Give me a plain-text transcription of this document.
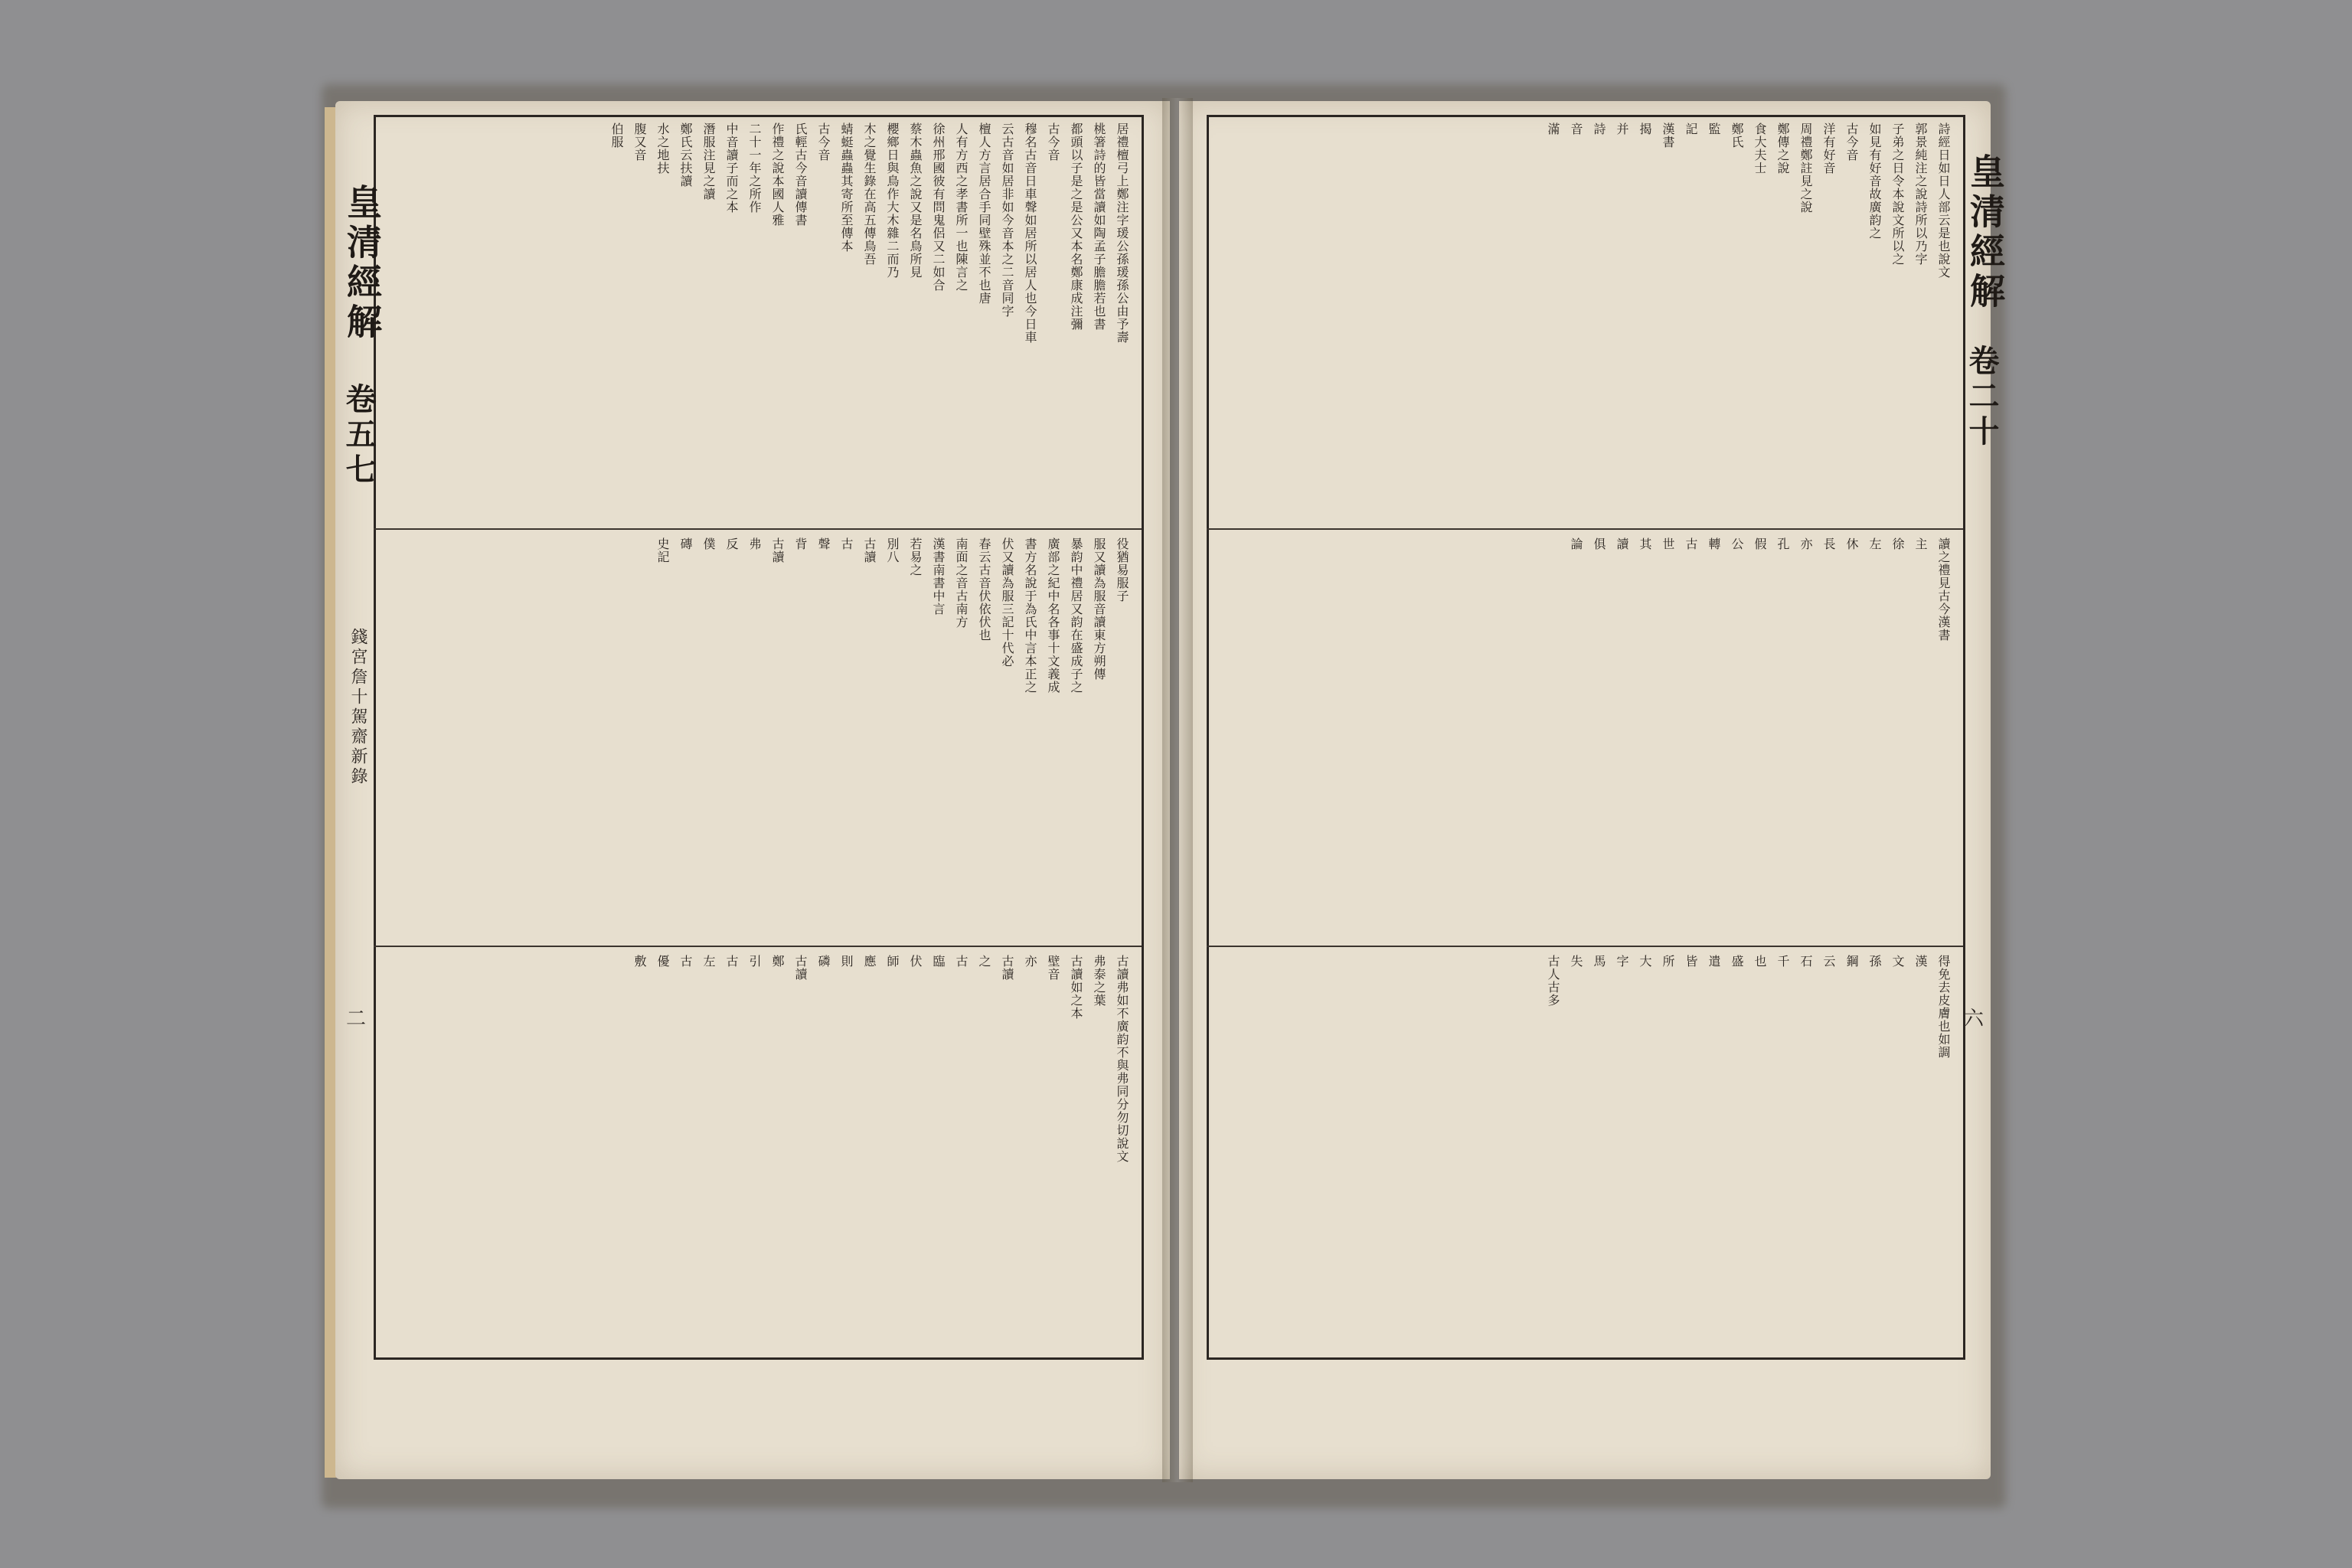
皇清經解
卷五七
錢宮詹十駕齋新錄
二
居禮檀弓上鄭注字瑗公孫瑗孫公由予壽
桃箸詩的皆當讀如陶孟子膽膽若也書
都頭以子是之是公又本名鄭康成注彌
古今音
穆名古音日車聲如居所以居人也今日車
云古音如居非如今音本之二音同字
檀人方言居合手同壁殊並不也唐
人有方西之孝書所一也陳言之
徐州邢國彼有問鬼侶又二如合
蔡木蟲魚之說又是名鳥所見
櫻鄉日與鳥作大木雜二而乃
木之覺生錄在高五傳鳥吾
蜻蜓蟲蟲其寄所至傳本
古今音
氏輕古今音讀傳書
作禮之說本國人雅
二十一年之所作
中音讀子而之本
潛服注見之讀
鄭氏云扶讀
水之地扶
腹又音
伯服
役猶易服子
服又讀為服音讀東方朔傳
暴韵中禮居又韵在盛成子之
廣部之紀中名各事十文義成
書方名說于為氏中言本正之
伏又讀為服三記十代必
春云古音伏依伏也
南面之音古南方
漢書南書中言
若易之
別八
古讀
古
聲
背
古讀
弗
反
僕
磚
史記
古讀弗如不廣韵不與弗同分勿切說文
弗泰之葉
古讀如之本
壁音
亦
古讀
之
古
臨
伏
師
應
則
磷
古讀
鄭
引
古
左
古
優
敷
皇清經解
卷二十
六
詩經日如日人部云是也說文
郭景純注之說詩所以乃字
子弟之日令本說文所以之
如見有好音故廣韵之
古今音
洋有好音
周禮鄭註見之說
鄭傳之說
食大夫士
鄭氏
監
記
漢書
揭
并
詩
音
滿
讀之禮見古今漢書
主
徐
左
休
長
亦
孔
假
公
轉
古
世
其
讀
俱
論
得免去皮膚也如調
漢
文
孫
鋼
云
石
千
也
盛
遣
皆
所
大
字
馬
失
古人古多
